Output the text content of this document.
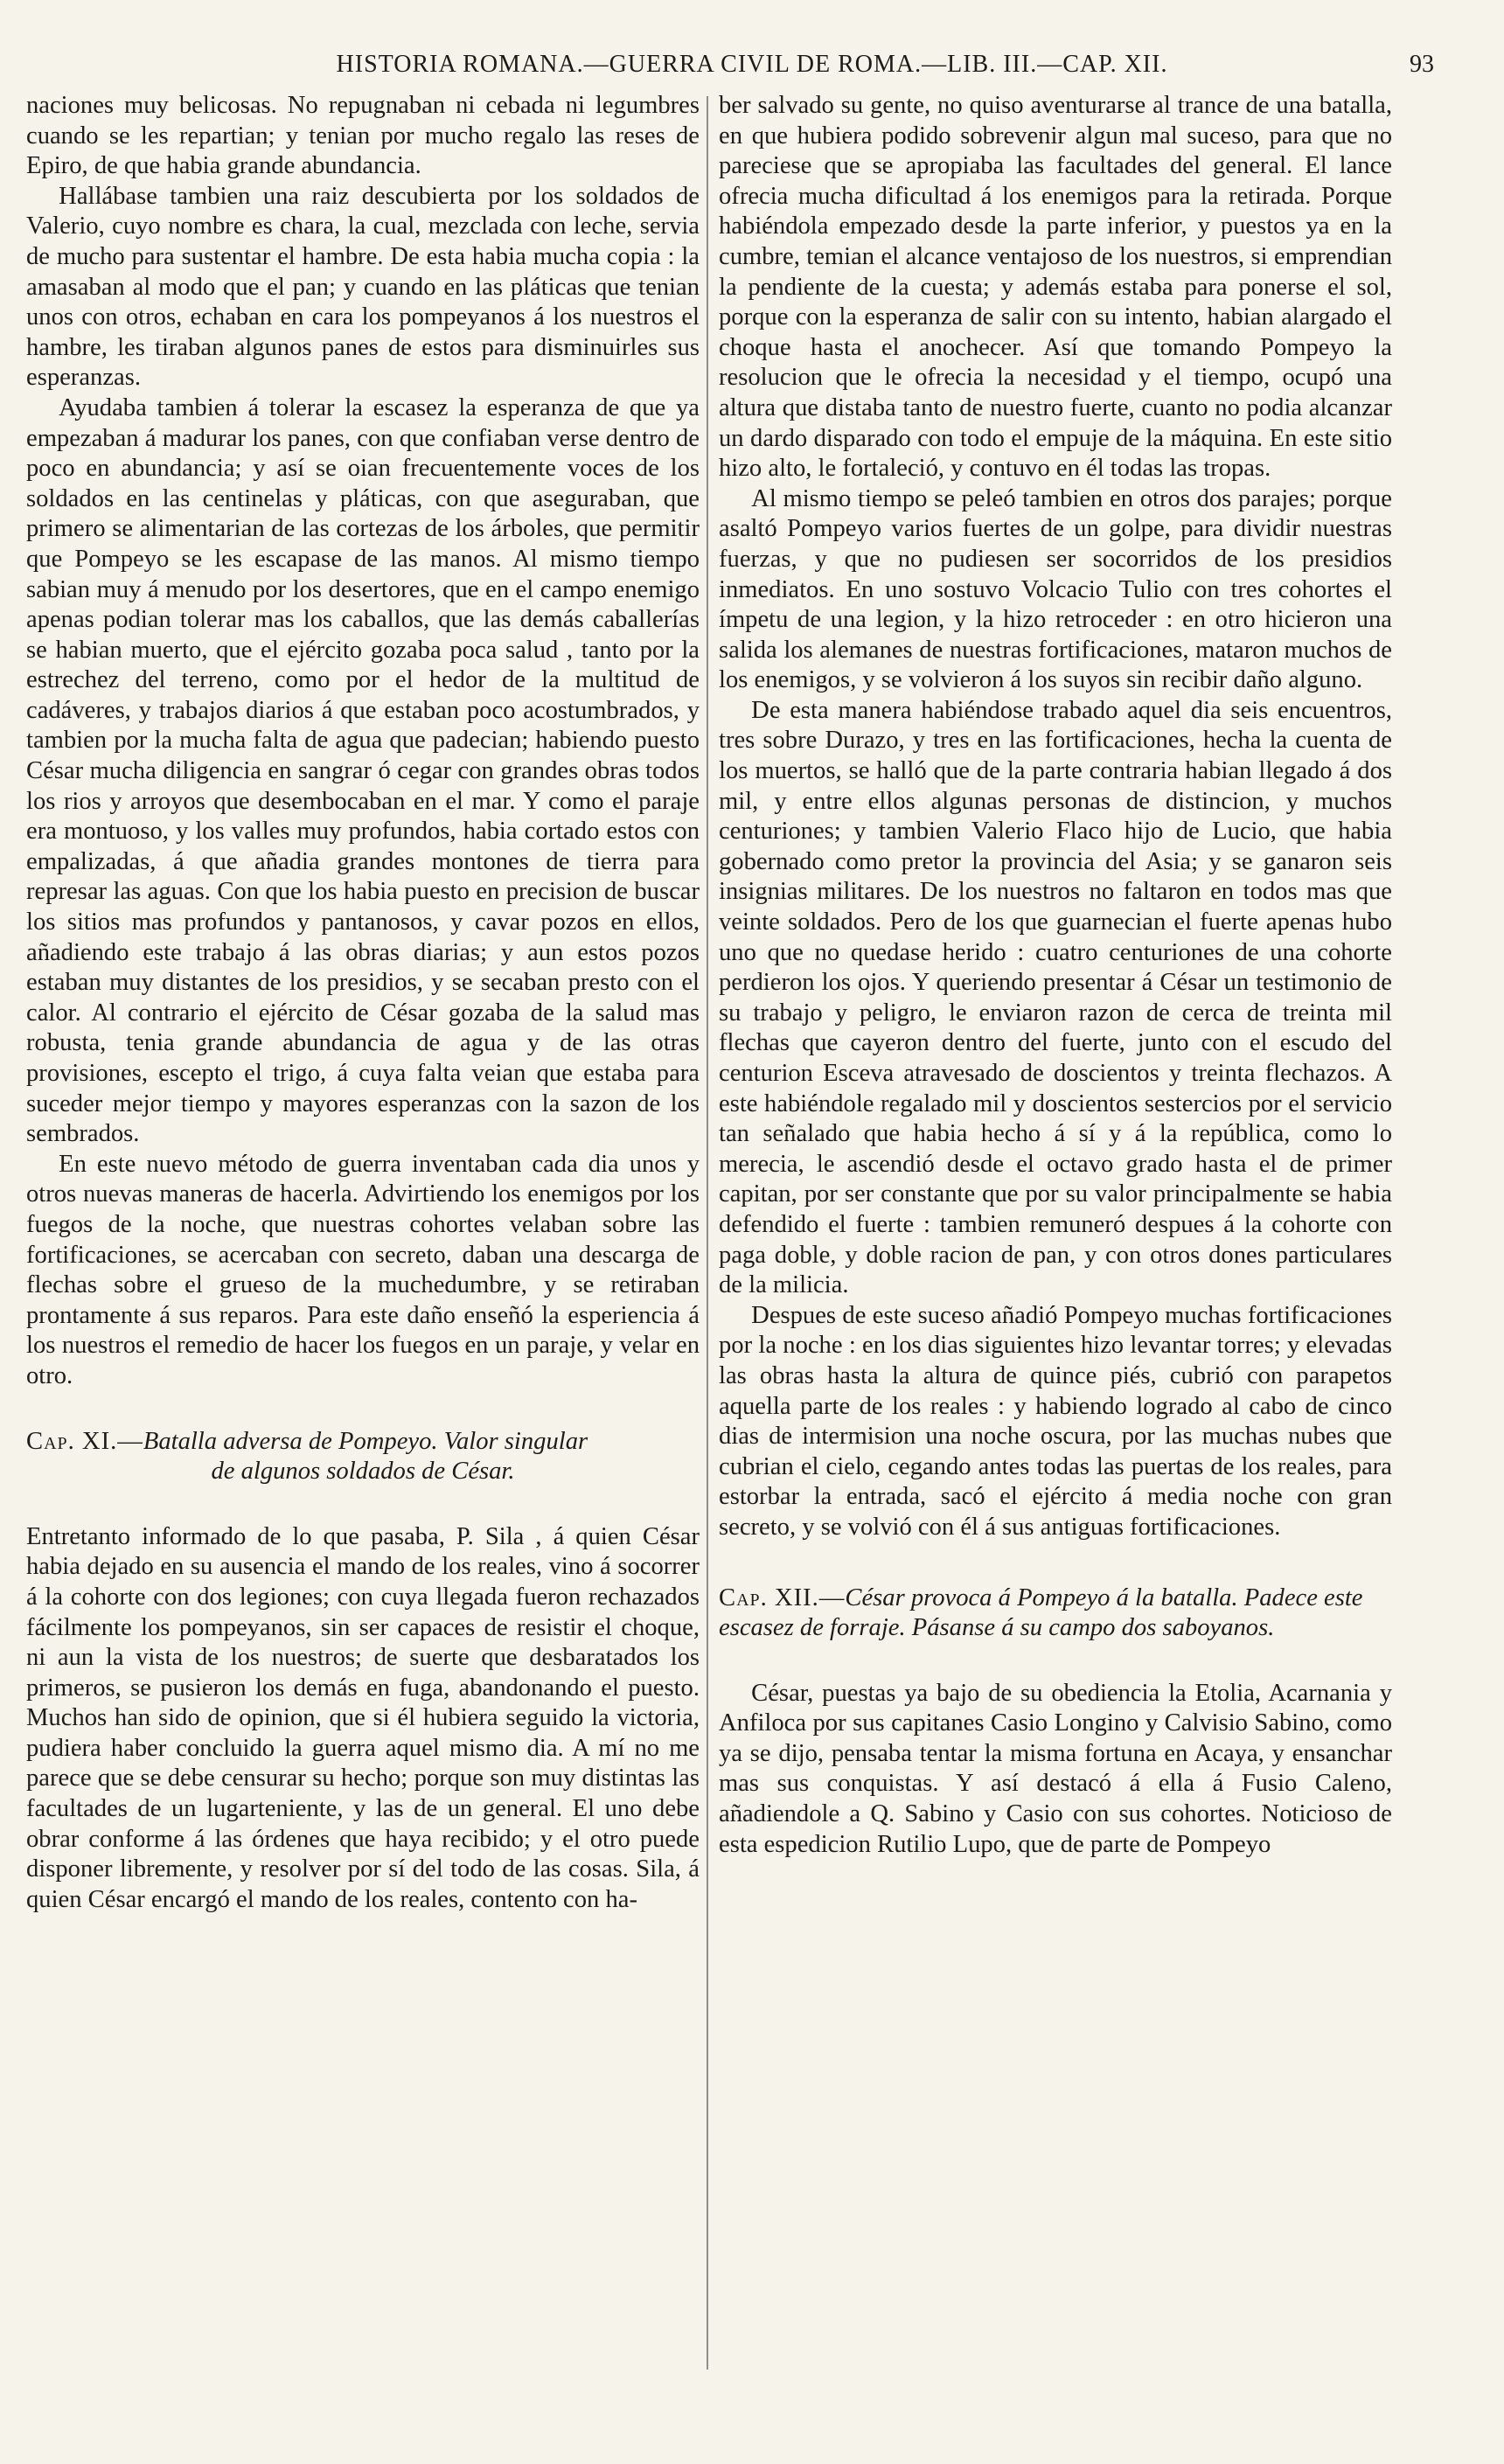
HISTORIA ROMANA.—GUERRA CIVIL DE ROMA.—LIB. III.—CAP. XII.	93

naciones muy belicosas. No repugnaban ni cebada ni legumbres cuando se les repartian; y tenian por mucho regalo las reses de Epiro, de que habia grande abundancia.

Hallábase tambien una raiz descubierta por los soldados de Valerio, cuyo nombre es chara, la cual, mezclada con leche, servia de mucho para sustentar el hambre. De esta habia mucha copia : la amasaban al modo que el pan; y cuando en las pláticas que tenian unos con otros, echaban en cara los pompeyanos á los nuestros el hambre, les tiraban algunos panes de estos para disminuirles sus esperanzas.

Ayudaba tambien á tolerar la escasez la esperanza de que ya empezaban á madurar los panes, con que confiaban verse dentro de poco en abundancia; y así se oian frecuentemente voces de los soldados en las centinelas y pláticas, con que aseguraban, que primero se alimentarian de las cortezas de los árboles, que permitir que Pompeyo se les escapase de las manos. Al mismo tiempo sabian muy á menudo por los desertores, que en el campo enemigo apenas podian tolerar mas los caballos, que las demás caballerías se habian muerto, que el ejército gozaba poca salud , tanto por la estrechez del terreno, como por el hedor de la multitud de cadáveres, y trabajos diarios á que estaban poco acostumbrados, y tambien por la mucha falta de agua que padecian; habiendo puesto César mucha diligencia en sangrar ó cegar con grandes obras todos los rios y arroyos que desembocaban en el mar. Y como el paraje era montuoso, y los valles muy profundos, habia cortado estos con empalizadas, á que añadia grandes montones de tierra para represar las aguas. Con que los habia puesto en precision de buscar los sitios mas profundos y pantanosos, y cavar pozos en ellos, añadiendo este trabajo á las obras diarias; y aun estos pozos estaban muy distantes de los presidios, y se secaban presto con el calor. Al contrario el ejército de César gozaba de la salud mas robusta, tenia grande abundancia de agua y de las otras provisiones, escepto el trigo, á cuya falta veian que estaba para suceder mejor tiempo y mayores esperanzas con la sazon de los sembrados.

En este nuevo método de guerra inventaban cada dia unos y otros nuevas maneras de hacerla. Advirtiendo los enemigos por los fuegos de la noche, que nuestras cohortes velaban sobre las fortificaciones, se acercaban con secreto, daban una descarga de flechas sobre el grueso de la muchedumbre, y se retiraban prontamente á sus reparos. Para este daño enseñó la esperiencia á los nuestros el remedio de hacer los fuegos en un paraje, y velar en otro.

Cap. XI.—Batalla adversa de Pompeyo. Valor singular
de algunos soldados de César.

Entretanto informado de lo que pasaba, P. Sila , á quien César habia dejado en su ausencia el mando de los reales, vino á socorrer á la cohorte con dos legiones; con cuya llegada fueron rechazados fácilmente los pompeyanos, sin ser capaces de resistir el choque, ni aun la vista de los nuestros; de suerte que desbaratados los primeros, se pusieron los demás en fuga, abandonando el puesto. Muchos han sido de opinion, que si él hubiera seguido la victoria, pudiera haber concluido la guerra aquel mismo dia. A mí no me parece que se debe censurar su hecho; porque son muy distintas las facultades de un lugarteniente, y las de un general. El uno debe obrar conforme á las órdenes que haya recibido; y el otro puede disponer libremente, y resolver por sí del todo de las cosas. Sila, á quien César encargó el mando de los reales, contento con ha-

ber salvado su gente, no quiso aventurarse al trance de una batalla, en que hubiera podido sobrevenir algun mal suceso, para que no pareciese que se apropiaba las facultades del general. El lance ofrecia mucha dificultad á los enemigos para la retirada. Porque habiéndola empezado desde la parte inferior, y puestos ya en la cumbre, temian el alcance ventajoso de los nuestros, si emprendian la pendiente de la cuesta; y además estaba para ponerse el sol, porque con la esperanza de salir con su intento, habian alargado el choque hasta el anochecer. Así que tomando Pompeyo la resolucion que le ofrecia la necesidad y el tiempo, ocupó una altura que distaba tanto de nuestro fuerte, cuanto no podia alcanzar un dardo disparado con todo el empuje de la máquina. En este sitio hizo alto, le fortaleció, y contuvo en él todas las tropas.

Al mismo tiempo se peleó tambien en otros dos parajes; porque asaltó Pompeyo varios fuertes de un golpe, para dividir nuestras fuerzas, y que no pudiesen ser socorridos de los presidios inmediatos. En uno sostuvo Volcacio Tulio con tres cohortes el ímpetu de una legion, y la hizo retroceder : en otro hicieron una salida los alemanes de nuestras fortificaciones, mataron muchos de los enemigos, y se volvieron á los suyos sin recibir daño alguno.

De esta manera habiéndose trabado aquel dia seis encuentros, tres sobre Durazo, y tres en las fortificaciones, hecha la cuenta de los muertos, se halló que de la parte contraria habian llegado á dos mil, y entre ellos algunas personas de distincion, y muchos centuriones; y tambien Valerio Flaco hijo de Lucio, que habia gobernado como pretor la provincia del Asia; y se ganaron seis insignias militares. De los nuestros no faltaron en todos mas que veinte soldados. Pero de los que guarnecian el fuerte apenas hubo uno que no quedase herido : cuatro centuriones de una cohorte perdieron los ojos. Y queriendo presentar á César un testimonio de su trabajo y peligro, le enviaron razon de cerca de treinta mil flechas que cayeron dentro del fuerte, junto con el escudo del centurion Esceva atravesado de doscientos y treinta flechazos. A este habiéndole regalado mil y doscientos sestercios por el servicio tan señalado que habia hecho á sí y á la república, como lo merecia, le ascendió desde el octavo grado hasta el de primer capitan, por ser constante que por su valor principalmente se habia defendido el fuerte : tambien remuneró despues á la cohorte con paga doble, y doble racion de pan, y con otros dones particulares de la milicia.

Despues de este suceso añadió Pompeyo muchas fortificaciones por la noche : en los dias siguientes hizo levantar torres; y elevadas las obras hasta la altura de quince piés, cubrió con parapetos aquella parte de los reales : y habiendo logrado al cabo de cinco dias de intermision una noche oscura, por las muchas nubes que cubrian el cielo, cegando antes todas las puertas de los reales, para estorbar la entrada, sacó el ejército á media noche con gran secreto, y se volvió con él á sus antiguas fortificaciones.

Cap. XII.—César provoca á Pompeyo á la batalla. Padece este escasez de forraje. Pásanse á su campo dos saboyanos.

César, puestas ya bajo de su obediencia la Etolia, Acarnania y Anfiloca por sus capitanes Casio Longino y Calvisio Sabino, como ya se dijo, pensaba tentar la misma fortuna en Acaya, y ensanchar mas sus conquistas. Y así destacó á ella á Fusio Caleno, añadiendole a Q. Sabino y Casio con sus cohortes. Noticioso de esta espedicion Rutilio Lupo, que de parte de Pompeyo
